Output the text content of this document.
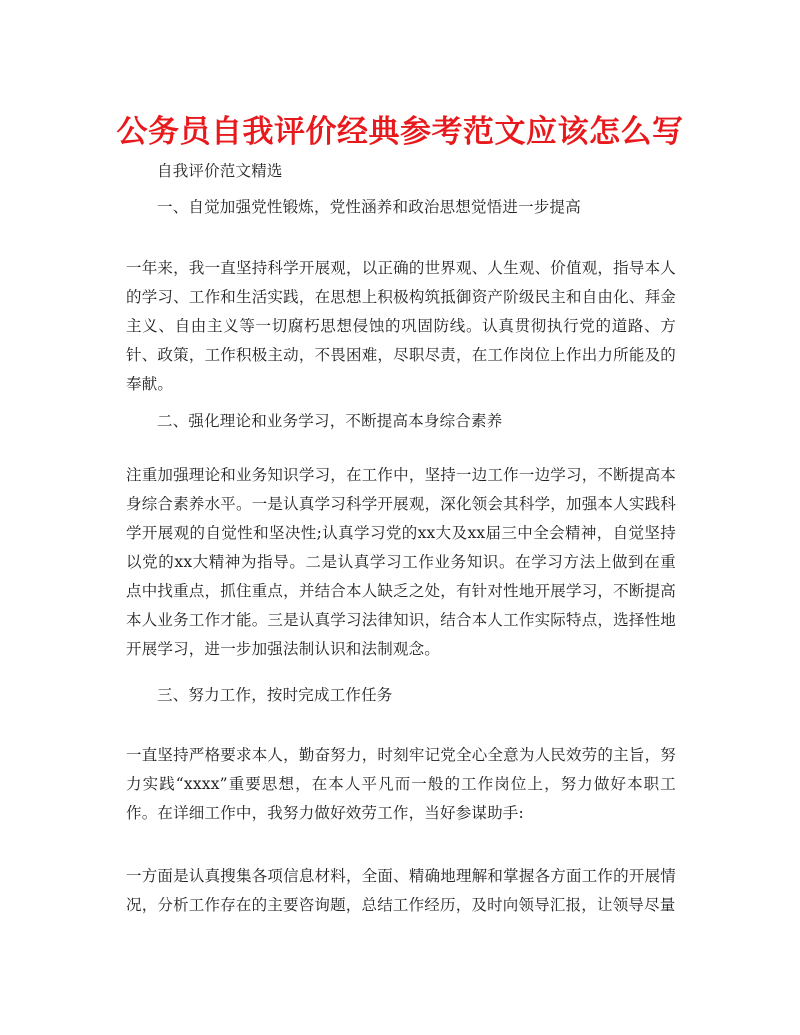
公务员自我评价经典参考范文应该怎么写
自我评价范文精选
一、自觉加强党性锻炼，党性涵养和政治思想觉悟进一步提高
一年来，我一直坚持科学开展观，以正确的世界观、人生观、价值观，指导本人的学习、工作和生活实践，在思想上积极构筑抵御资产阶级民主和自由化、拜金主义、自由主义等一切腐朽思想侵蚀的巩固防线。认真贯彻执行党的道路、方针、政策，工作积极主动，不畏困难，尽职尽责，在工作岗位上作出力所能及的奉献。
二、强化理论和业务学习，不断提高本身综合素养
注重加强理论和业务知识学习，在工作中，坚持一边工作一边学习，不断提高本身综合素养水平。一是认真学习科学开展观，深化领会其科学，加强本人实践科学开展观的自觉性和坚决性;认真学习党的xx大及xx届三中全会精神，自觉坚持以党的xx大精神为指导。二是认真学习工作业务知识。在学习方法上做到在重点中找重点，抓住重点，并结合本人缺乏之处，有针对性地开展学习，不断提高本人业务工作才能。三是认真学习法律知识，结合本人工作实际特点，选择性地开展学习，进一步加强法制认识和法制观念。
三、努力工作，按时完成工作任务
一直坚持严格要求本人，勤奋努力，时刻牢记党全心全意为人民效劳的主旨，努力实践“xxxx”重要思想，在本人平凡而一般的工作岗位上，努力做好本职工作。在详细工作中，我努力做好效劳工作，当好参谋助手:
一方面是认真搜集各项信息材料，全面、精确地理解和掌握各方面工作的开展情况，分析工作存在的主要咨询题，总结工作经历，及时向领导汇报，让领导尽量
